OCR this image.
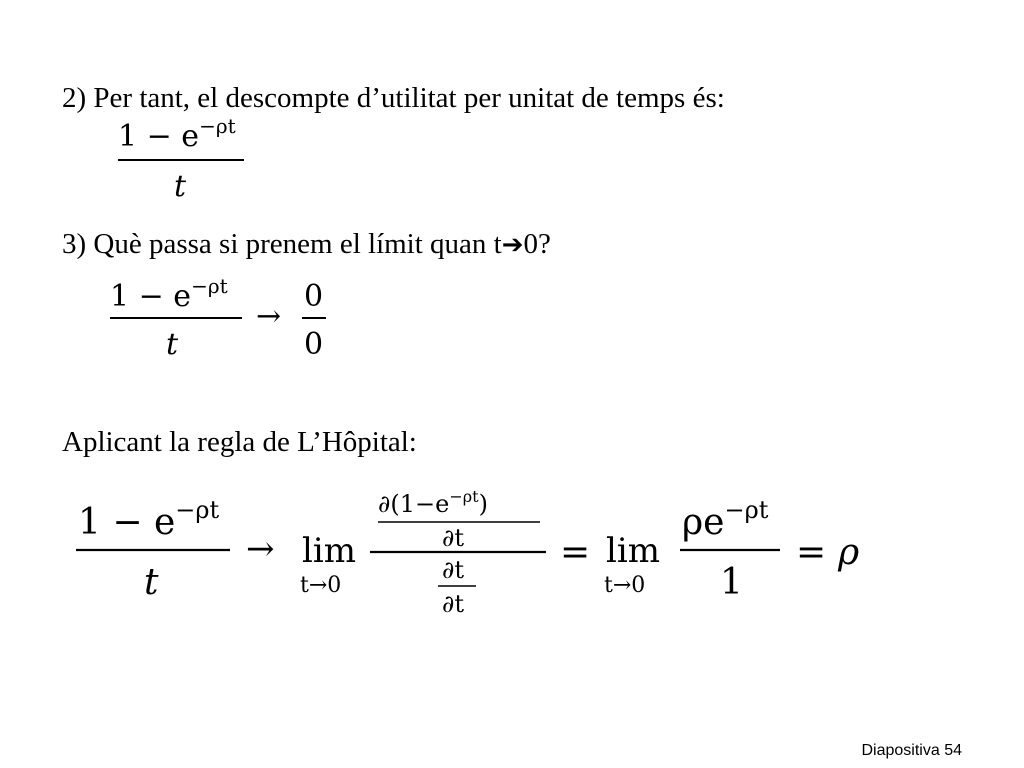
2) Per tant, el descompte d’utilitat per unitat de temps és:
$1 - e^{-\rho t}$
t
3) Què passa si prenem el límit quan t➔0?
$1 - e^{-\rho t}$
t
→
0
0
Aplicant la regla de L’Hôpital:
$1 - e^{-\rho t}$
t
→ lim
t→0
$\partial(1-e^{-\rho t})$
∂t
∂t
∂t
= lim
t→0
$\rho e^{-\rho t}$
1
= ρ
Diapositiva 54
